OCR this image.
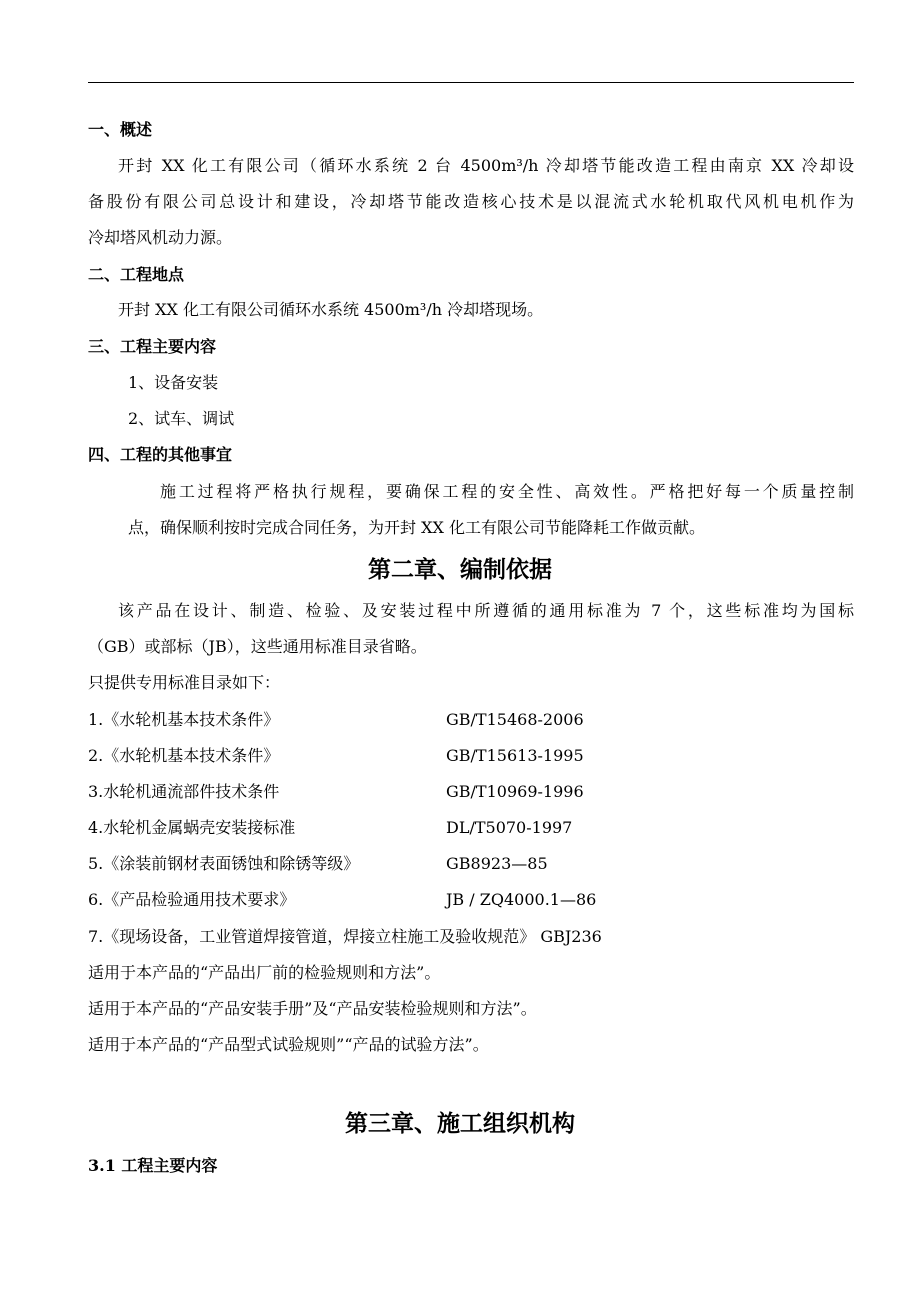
一、概述
开封 XX 化工有限公司（循环水系统 2 台 4500m³/h 冷却塔节能改造工程由南京 XX 冷却设
备股份有限公司总设计和建设，冷却塔节能改造核心技术是以混流式水轮机取代风机电机作为
冷却塔风机动力源。
二、工程地点
开封 XX 化工有限公司循环水系统 4500m³/h 冷却塔现场。
三、工程主要内容
1、设备安装
2、试车、调试
四、工程的其他事宜
施工过程将严格执行规程，要确保工程的安全性、高效性。严格把好每一个质量控制
点，确保顺利按时完成合同任务，为开封 XX 化工有限公司节能降耗工作做贡献。
第二章、编制依据
该产品在设计、制造、检验、及安装过程中所遵循的通用标准为 7 个，这些标准均为国标
（GB）或部标（JB），这些通用标准目录省略。
只提供专用标准目录如下：
1.《水轮机基本技术条件》	GB/T15468-2006
2.《水轮机基本技术条件》	GB/T15613-1995
3.水轮机通流部件技术条件	GB/T10969-1996
4.水轮机金属蜗壳安装接标准	DL/T5070-1997
5.《涂装前钢材表面锈蚀和除锈等级》	GB8923—85
6.《产品检验通用技术要求》	JB / ZQ4000.1—86
7.《现场设备，工业管道焊接管道，焊接立柱施工及验收规范》 GBJ236
适用于本产品的“产品出厂前的检验规则和方法”。
适用于本产品的“产品安装手册”及“产品安装检验规则和方法”。
适用于本产品的“产品型式试验规则”“产品的试验方法”。
第三章、施工组织机构
3.1 工程主要内容
